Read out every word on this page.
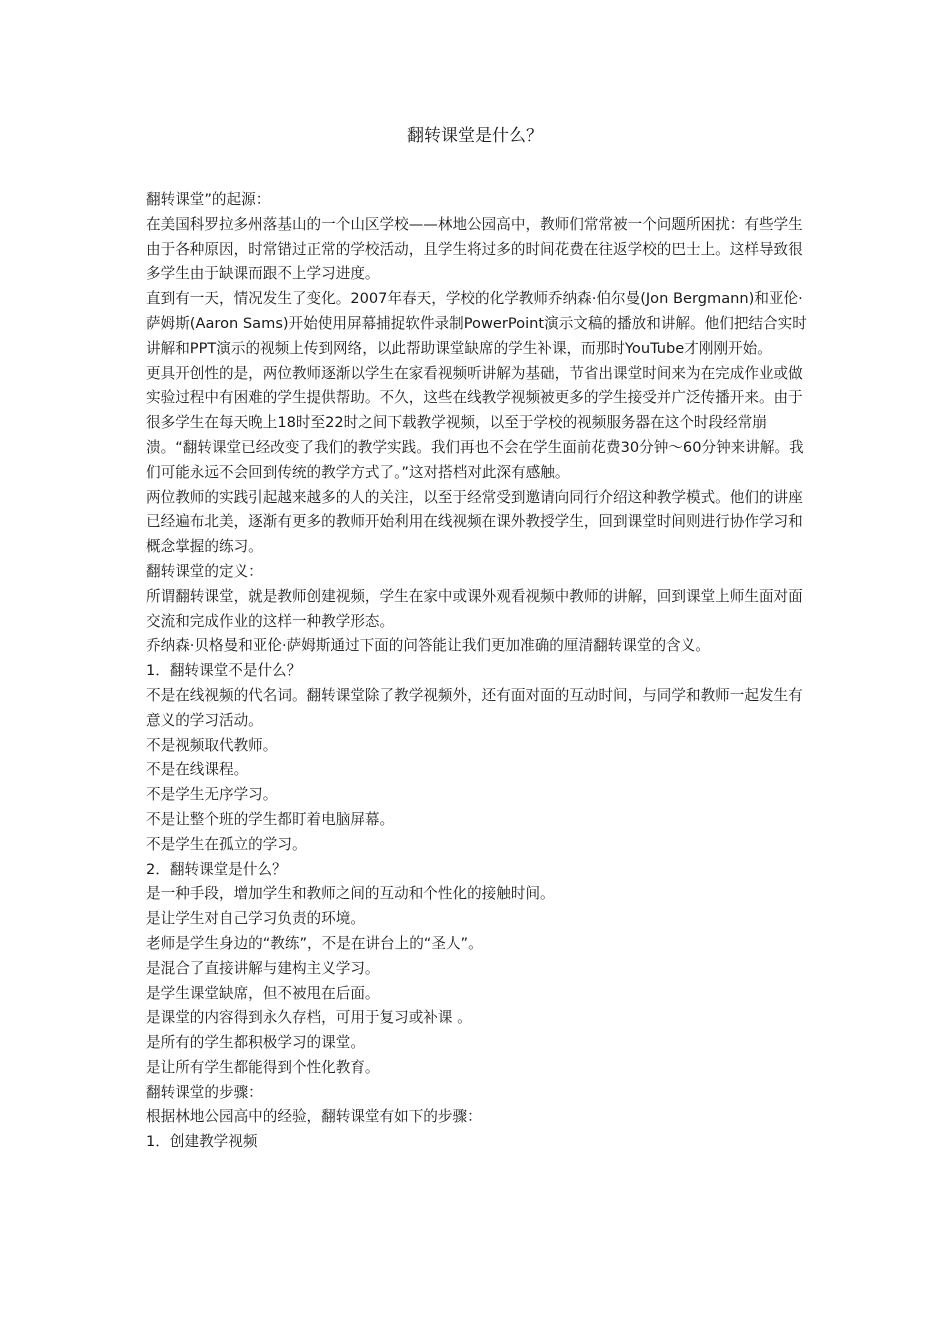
翻转课堂是什么？

翻转课堂”的起源：

在美国科罗拉多州落基山的一个山区学校——林地公园高中，教师们常常被一个问题所困扰：有些学生由于各种原因，时常错过正常的学校活动，且学生将过多的时间花费在往返学校的巴士上。这样导致很多学生由于缺课而跟不上学习进度。

直到有一天，情况发生了变化。2007年春天，学校的化学教师乔纳森·伯尔曼(Jon Bergmann)和亚伦·萨姆斯(Aaron Sams)开始使用屏幕捕捉软件录制PowerPoint演示文稿的播放和讲解。他们把结合实时讲解和PPT演示的视频上传到网络，以此帮助课堂缺席的学生补课，而那时YouTube才刚刚开始。

更具开创性的是，两位教师逐渐以学生在家看视频听讲解为基础，节省出课堂时间来为在完成作业或做实验过程中有困难的学生提供帮助。不久，这些在线教学视频被更多的学生接受并广泛传播开来。由于很多学生在每天晚上18时至22时之间下载教学视频，以至于学校的视频服务器在这个时段经常崩溃。“翻转课堂已经改变了我们的教学实践。我们再也不会在学生面前花费30分钟～60分钟来讲解。我们可能永远不会回到传统的教学方式了。”这对搭档对此深有感触。

两位教师的实践引起越来越多的人的关注，以至于经常受到邀请向同行介绍这种教学模式。他们的讲座已经遍布北美，逐渐有更多的教师开始利用在线视频在课外教授学生，回到课堂时间则进行协作学习和概念掌握的练习。

翻转课堂的定义：

所谓翻转课堂，就是教师创建视频，学生在家中或课外观看视频中教师的讲解，回到课堂上师生面对面交流和完成作业的这样一种教学形态。

乔纳森·贝格曼和亚伦·萨姆斯通过下面的问答能让我们更加准确的厘清翻转课堂的含义。

1．翻转课堂不是什么？

不是在线视频的代名词。翻转课堂除了教学视频外，还有面对面的互动时间，与同学和教师一起发生有意义的学习活动。

不是视频取代教师。

不是在线课程。

不是学生无序学习。

不是让整个班的学生都盯着电脑屏幕。

不是学生在孤立的学习。

2．翻转课堂是什么？

是一种手段，增加学生和教师之间的互动和个性化的接触时间。

是让学生对自己学习负责的环境。

老师是学生身边的“教练”，不是在讲台上的“圣人”。

是混合了直接讲解与建构主义学习。

是学生课堂缺席，但不被甩在后面。

是课堂的内容得到永久存档，可用于复习或补课 。

是所有的学生都积极学习的课堂。

是让所有学生都能得到个性化教育。

翻转课堂的步骤：

根据林地公园高中的经验，翻转课堂有如下的步骤：

1．创建教学视频
